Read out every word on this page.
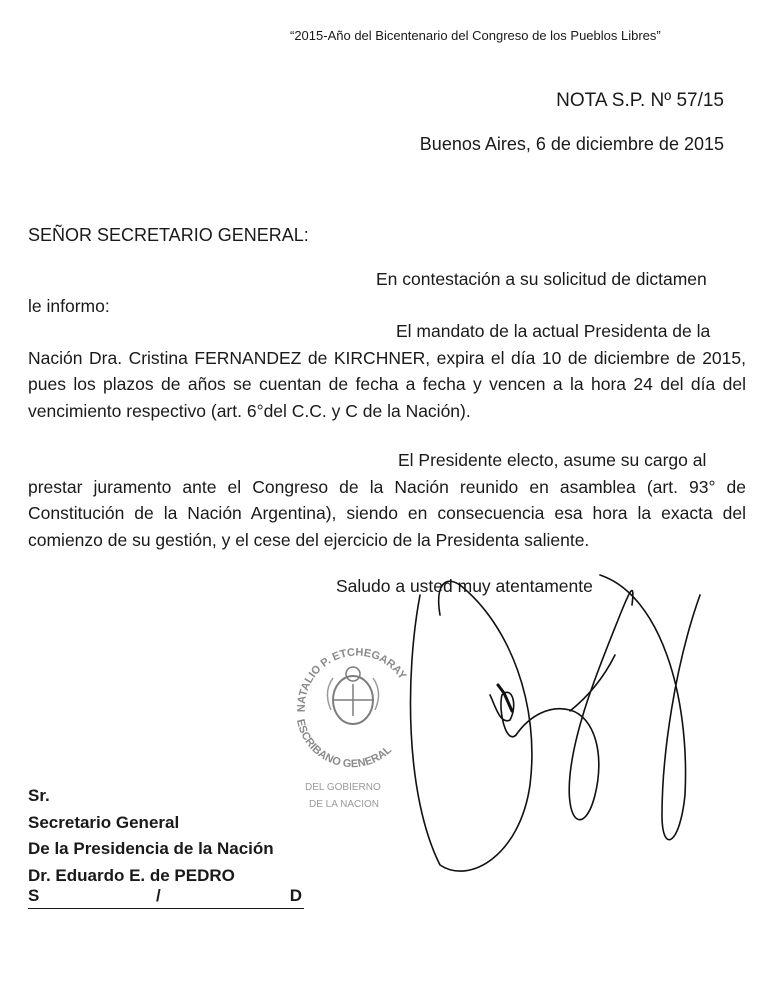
“2015-Año del Bicentenario del Congreso de los Pueblos Libres”
NOTA S.P. Nº 57/15
Buenos Aires, 6 de diciembre de 2015
SEÑOR SECRETARIO GENERAL:
En contestación a su solicitud de dictamen
le informo:
El mandato de la actual Presidenta de la
Nación Dra. Cristina FERNANDEZ de KIRCHNER, expira el día 10 de diciembre de 2015, pues los plazos de años se cuentan de fecha a fecha y vencen a la hora 24 del día del vencimiento respectivo (art. 6°del C.C. y C de la Nación).
El Presidente electo, asume su cargo al
prestar juramento ante el Congreso de la Nación reunido en asamblea (art. 93° de Constitución de la Nación Argentina), siendo en consecuencia esa hora la exacta del comienzo de su gestión, y el cese del ejercicio de la Presidenta saliente.
Saludo a usted muy atentamente
NATALIO P. ETCHEGARAY
ESCRIBANO GENERAL
DEL GOBIERNO
DE LA NACION
Sr.
Secretario General
De la Presidencia de la Nación
Dr. Eduardo E. de PEDRO
S	/	D
